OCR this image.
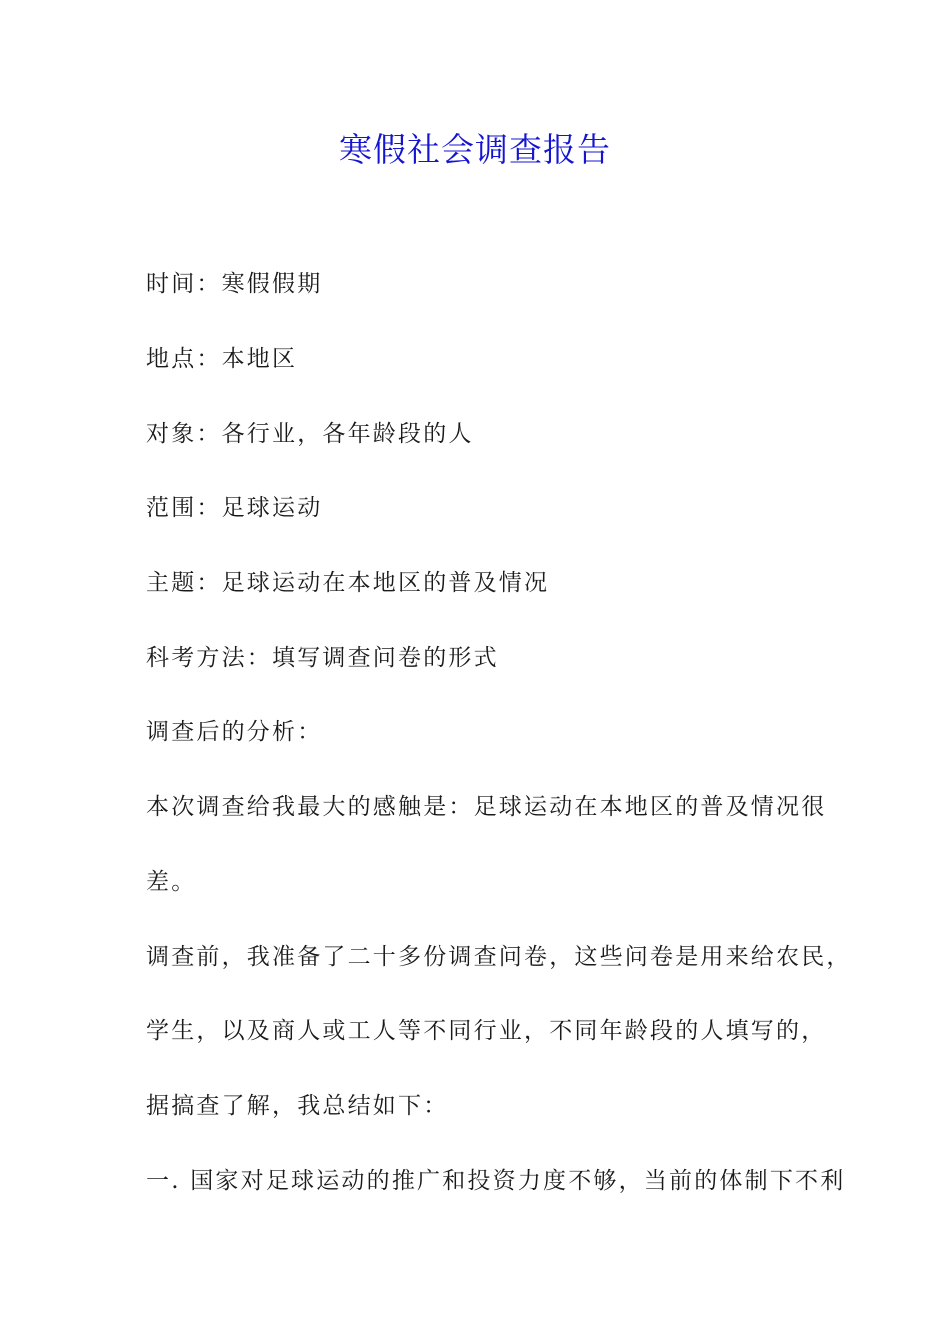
寒假社会调查报告
时间：寒假假期
地点：本地区
对象：各行业，各年龄段的人
范围：足球运动
主题：足球运动在本地区的普及情况
科考方法：填写调查问卷的形式
调查后的分析：
本次调查给我最大的感触是：足球运动在本地区的普及情况很
差。
调查前，我准备了二十多份调查问卷，这些问卷是用来给农民，
学生，以及商人或工人等不同行业，不同年龄段的人填写的，
据搞查了解，我总结如下：
一. 国家对足球运动的推广和投资力度不够，当前的体制下不利
